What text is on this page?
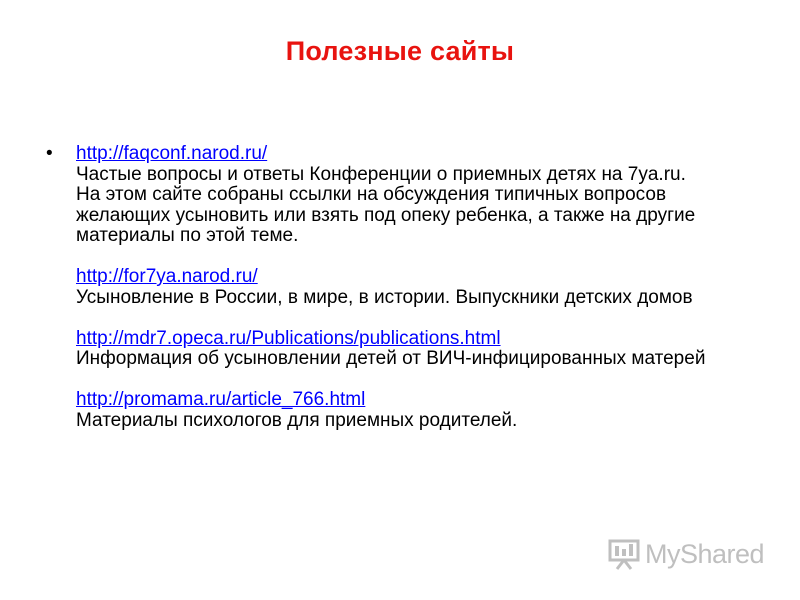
Полезные сайты
• http://faqconf.narod.ru/
Частые вопросы и ответы Конференции о приемных детях на 7ya.ru.
На этом сайте собраны ссылки на обсуждения типичных вопросов желающих усыновить или взять под опеку ребенка, а также на другие материалы по этой теме.
http://for7ya.narod.ru/
Усыновление в России, в мире, в истории. Выпускники детских домов
http://mdr7.opeca.ru/Publications/publications.html
Информация об усыновлении детей от ВИЧ-инфицированных матерей
http://promama.ru/article_766.html
Материалы психологов для приемных родителей.
MyShared
